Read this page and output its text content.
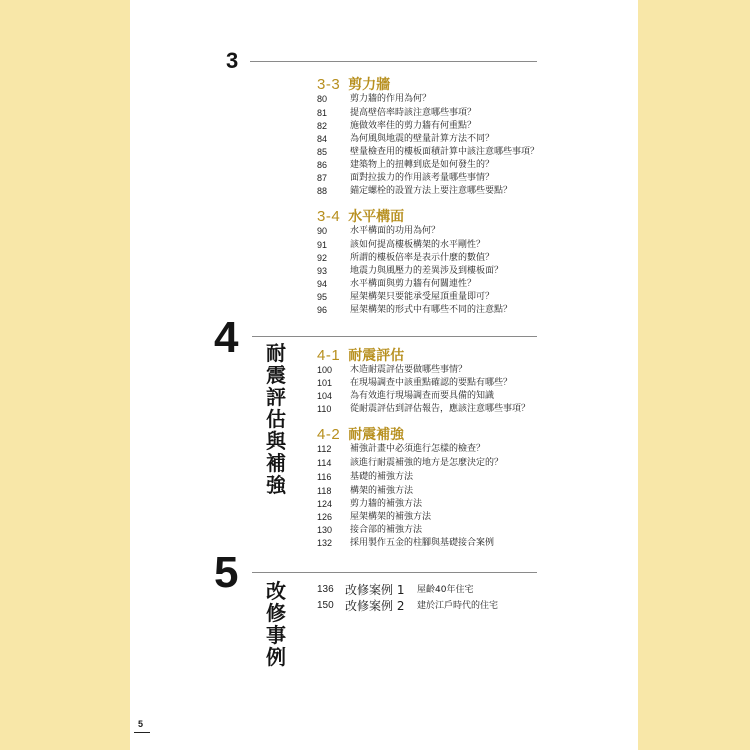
3
3-3 剪力牆
80	剪力牆的作用為何？
81	提高壁倍率時該注意哪些事項？
82	施做效率佳的剪力牆有何重點？
84	為何風與地震的壁量計算方法不同？
85	壁量檢查用的樓板面積計算中該注意哪些事項？
86	建築物上的扭轉到底是如何發生的？
87	面對拉拔力的作用該考量哪些事情？
88	錨定螺栓的設置方法上要注意哪些要點？
3-4 水平構面
90	水平構面的功用為何？
91	該如何提高樓板構架的水平剛性？
92	所謂的樓板倍率是表示什麼的數值？
93	地震力與風壓力的差異涉及到樓板面？
94	水平構面與剪力牆有何關連性？
95	屋架構架只要能承受屋頂重量即可？
96	屋架構架的形式中有哪些不同的注意點？
4 耐震評估與補強
4-1 耐震評估
100	木造耐震評估要做哪些事情？
101	在現場調查中該重點確認的要點有哪些？
104	為有效進行現場調查而要具備的知識
110	從耐震評估到評估報告，應該注意哪些事項？
4-2 耐震補強
112	補強計畫中必須進行怎樣的檢查？
114	該進行耐震補強的地方是怎麼決定的？
116	基礎的補強方法
118	構架的補強方法
124	剪力牆的補強方法
126	屋架構架的補強方法
130	接合部的補強方法
132	採用製作五金的柱腳與基礎接合案例
5 改修事例
136 改修案例 1 屋齡40年住宅
150 改修案例 2 建於江戶時代的住宅
5
